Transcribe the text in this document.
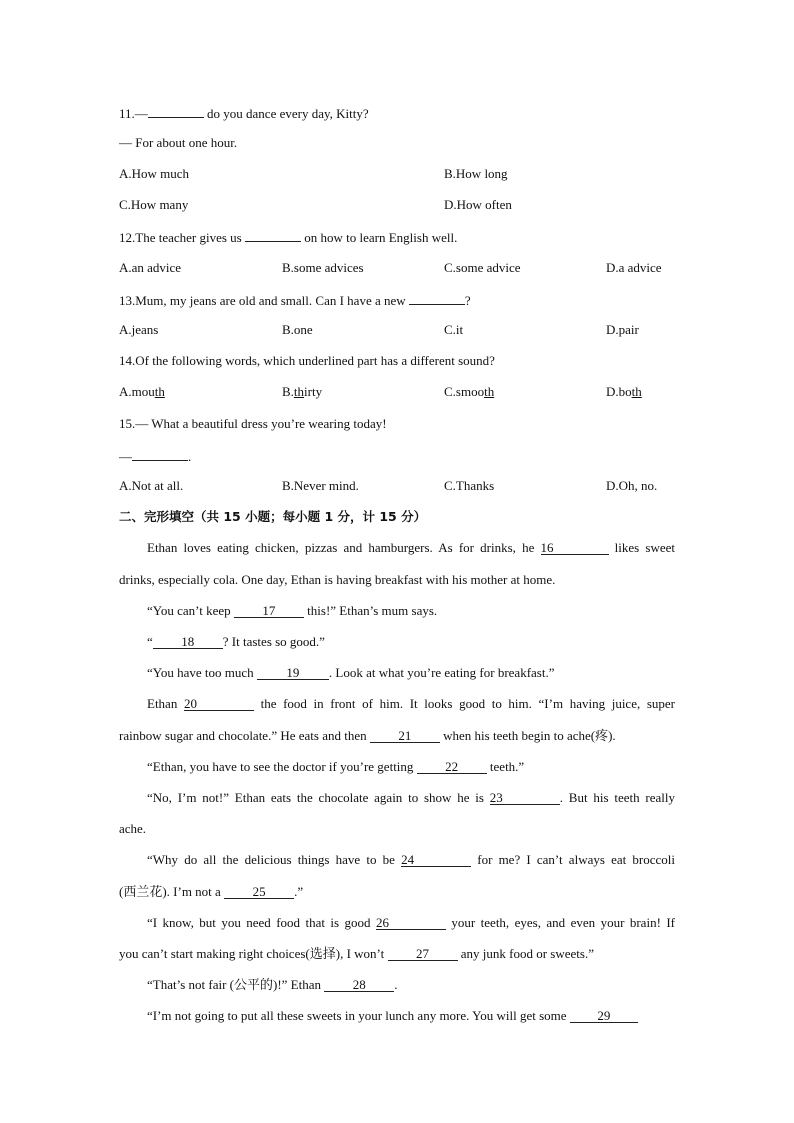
11.—	do you dance every day, Kitty?
— For about one hour.
A.How much	B.How long
C.How many	D.How often
12.The teacher gives us	on how to learn English well.
A.an advice	B.some advices	C.some advice	D.a advice
13.Mum, my jeans are old and small. Can I have a new	?
A.jeans	B.one	C.it	D.pair
14.Of the following words, which underlined part has a different sound?
A.mouth	B.thirty	C.smooth	D.both
15.— What a beautiful dress you’re wearing today!
—	.
A.Not at all.	B.Never mind.	C.Thanks	D.Oh, no.
二、完形填空（共 15 小题；每小题 1 分，计 15 分）
Ethan loves eating chicken, pizzas and hamburgers. As for drinks, he 16	likes sweet
drinks, especially cola. One day, Ethan is having breakfast with his mother at home.
“You can’t keep 17 this!” Ethan’s mum says.
“ 18 ? It tastes so good.”
“You have too much 19 . Look at what you’re eating for breakfast.”
Ethan 20	the food in front of him. It looks good to him. “I’m having juice, super
rainbow sugar and chocolate.” He eats and then 21 when his teeth begin to ache(疼).
“Ethan, you have to see the doctor if you’re getting 22 teeth.”
“No, I’m not!” Ethan eats the chocolate again to show he is 23	. But his teeth really
ache.
“Why do all the delicious things have to be 24	for me? I can’t always eat broccoli
(西兰花). I’m not a 25 .”
“I know, but you need food that is good 26	your teeth, eyes, and even your brain! If
you can’t start making right choices(选择), I won’t 27 any junk food or sweets.”
“That’s not fair (公平的)!” Ethan 28 .
“I’m not going to put all these sweets in your lunch any more. You will get some 29
